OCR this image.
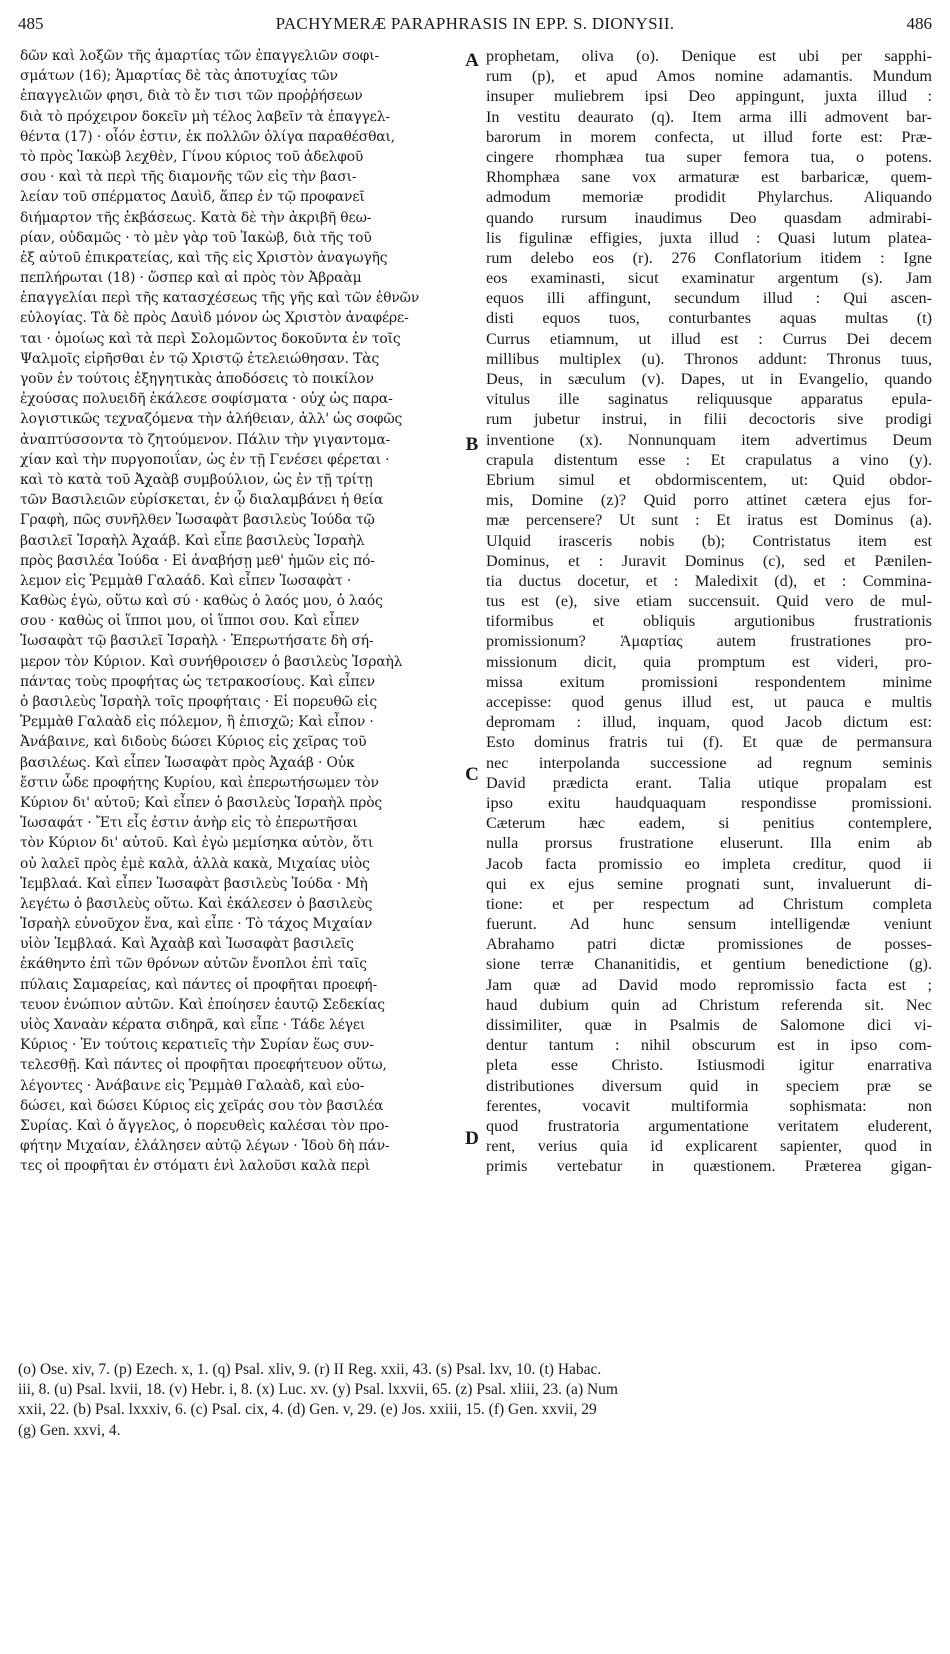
485	PACHYMERÆ PARAPHRASIS IN EPP. S. DIONYSII.	486
δῶν καὶ λοξῶν τῆς ἁμαρτίας τῶν ἐπαγγελιῶν σοφι-
σμάτων (16); Ἁμαρτίας δὲ τὰς ἀποτυχίας τῶν
ἐπαγγελιῶν φησι, διὰ τὸ ἔν τισι τῶν προῤῥήσεων
διὰ τὸ πρόχειρον δοκεῖν μὴ τέλος λαβεῖν τὰ ἐπαγγελ-
θέντα (17) · οἷόν ἐστιν, ἐκ πολλῶν ὀλίγα παραθέσθαι,
τὸ πρὸς Ἰακὼβ λεχθὲν, Γίνου κύριος τοῦ ἀδελφοῦ
σου · καὶ τὰ περὶ τῆς διαμονῆς τῶν εἰς τὴν βασι-
λείαν τοῦ σπέρματος Δαυὶδ, ἅπερ ἐν τῷ προφανεῖ
διήμαρτον τῆς ἐκβάσεως. Κατὰ δὲ τὴν ἀκριβῆ θεω-
ρίαν, οὐδαμῶς · τὸ μὲν γὰρ τοῦ Ἰακὼβ, διὰ τῆς τοῦ
ἐξ αὐτοῦ ἐπικρατείας, καὶ τῆς εἰς Χριστὸν ἀναγωγῆς
πεπλήρωται (18) · ὥσπερ καὶ αἱ πρὸς τὸν Ἀβραὰμ
ἐπαγγελίαι περὶ τῆς κατασχέσεως τῆς γῆς καὶ τῶν ἐθνῶν
εὐλογίας. Τὰ δὲ πρὸς Δαυὶδ μόνον ὡς Χριστὸν ἀναφέρε-
ται · ὁμοίως καὶ τὰ περὶ Σολομῶντος δοκοῦντα ἐν τοῖς
Ψαλμοῖς εἰρῆσθαι ἐν τῷ Χριστῷ ἐτελειώθησαν. Τὰς
γοῦν ἐν τούτοις ἐξηγητικὰς ἀποδόσεις τὸ ποικίλον
ἐχούσας πολυειδῆ ἐκάλεσε σοφίσματα · οὐχ ὡς παρα-
λογιστικῶς τεχναζόμενα τὴν ἀλήθειαν, ἀλλ' ὡς σοφῶς
ἀναπτύσσοντα τὸ ζητούμενον. Πάλιν τὴν γιγαντομα-
χίαν καὶ τὴν πυργοποιΐαν, ὡς ἐν τῇ Γενέσει φέρεται ·
καὶ τὸ κατὰ τοῦ Ἀχαὰβ συμβούλιον, ὡς ἐν τῇ τρίτῃ
τῶν Βασιλειῶν εὑρίσκεται, ἐν ᾧ διαλαμβάνει ἡ θεία
Γραφὴ, πῶς συνῆλθεν Ἰωσαφὰτ βασιλεὺς Ἰούδα τῷ
βασιλεῖ Ἰσραὴλ Ἀχαάβ. Καὶ εἶπε βασιλεὺς Ἰσραὴλ
πρὸς βασιλέα Ἰούδα · Εἰ ἀναβήσῃ μεθ' ἡμῶν εἰς πό-
λεμον εἰς Ῥεμμὰθ Γαλαάδ. Καὶ εἶπεν Ἰωσαφὰτ ·
Καθὼς ἐγὼ, οὕτω καὶ σύ · καθὼς ὁ λαός μου, ὁ λαός
σου · καθὼς οἱ ἵπποι μου, οἱ ἵπποι σου. Καὶ εἶπεν
Ἰωσαφὰτ τῷ βασιλεῖ Ἰσραὴλ · Ἐπερωτήσατε δὴ σή-
μερον τὸν Κύριον. Καὶ συνήθροισεν ὁ βασιλεὺς Ἰσραὴλ
πάντας τοὺς προφήτας ὡς τετρακοσίους. Καὶ εἶπεν
ὁ βασιλεὺς Ἰσραὴλ τοῖς προφήταις · Εἰ πορευθῶ εἰς
Ῥεμμὰθ Γαλαὰδ εἰς πόλεμον, ἢ ἐπισχῶ; Καὶ εἶπον ·
Ἀνάβαινε, καὶ διδοὺς δώσει Κύριος εἰς χεῖρας τοῦ
βασιλέως. Καὶ εἶπεν Ἰωσαφὰτ πρὸς Ἀχαάβ · Οὐκ
ἔστιν ὧδε προφήτης Κυρίου, καὶ ἐπερωτήσωμεν τὸν
Κύριον δι' αὐτοῦ; Καὶ εἶπεν ὁ βασιλεὺς Ἰσραὴλ πρὸς
Ἰωσαφάτ · Ἔτι εἷς ἐστιν ἀνὴρ εἰς τὸ ἐπερωτῆσαι
τὸν Κύριον δι' αὐτοῦ. Καὶ ἐγὼ μεμίσηκα αὐτὸν, ὅτι
οὐ λαλεῖ πρὸς ἐμὲ καλὰ, ἀλλὰ κακὰ, Μιχαίας υἱὸς
Ἰεμβλαά. Καὶ εἶπεν Ἰωσαφὰτ βασιλεὺς Ἰούδα · Μὴ
λεγέτω ὁ βασιλεὺς οὕτω. Καὶ ἐκάλεσεν ὁ βασιλεὺς
Ἰσραὴλ εὐνοῦχον ἕνα, καὶ εἶπε · Τὸ τάχος Μιχαίαν
υἱὸν Ἰεμβλαά. Καὶ Ἀχαὰβ καὶ Ἰωσαφὰτ βασιλεῖς
ἐκάθηντο ἐπὶ τῶν θρόνων αὐτῶν ἔνοπλοι ἐπὶ ταῖς
πύλαις Σαμαρείας, καὶ πάντες οἱ προφῆται προεφή-
τευον ἐνώπιον αὐτῶν. Καὶ ἐποίησεν ἑαυτῷ Σεδεκίας
υἱὸς Χαναὰν κέρατα σιδηρᾶ, καὶ εἶπε · Τάδε λέγει
Κύριος · Ἐν τούτοις κερατιεῖς τὴν Συρίαν ἕως συν-
τελεσθῇ. Καὶ πάντες οἱ προφῆται προεφήτευον οὕτω,
λέγοντες · Ἀνάβαινε εἰς Ῥεμμὰθ Γαλαὰδ, καὶ εὐο-
δώσει, καὶ δώσει Κύριος εἰς χεῖράς σου τὸν βασιλέα
Συρίας. Καὶ ὁ ἄγγελος, ὁ πορευθεὶς καλέσαι τὸν προ-
φήτην Μιχαίαν, ἐλάλησεν αὐτῷ λέγων · Ἰδοὺ δὴ πάν-
τες οἱ προφῆται ἐν στόματι ἑνὶ λαλοῦσι καλὰ περὶ
A
B
C
D
prophetam, oliva (o). Denique est ubi per sapphi-
rum (p), et apud Amos nomine adamantis. Mundum
insuper muliebrem ipsi Deo appingunt, juxta illud :
In vestitu deaurato (q). Item arma illi admovent bar-
barorum in morem confecta, ut illud forte est: Præ-
cingere rhomphæa tua super femora tua, o potens.
Rhomphæa sane vox armaturæ est barbaricæ, quem-
admodum memoriæ prodidit Phylarchus. Aliquando
quando rursum inaudimus Deo quasdam admirabi-
lis figulinæ effigies, juxta illud : Quasi lutum platea-
rum delebo eos (r). 276 Conflatorium itidem : Igne
eos examinasti, sicut examinatur argentum (s). Jam
equos illi affingunt, secundum illud : Qui ascen-
disti equos tuos, conturbantes aquas multas (t)
Currus etiamnum, ut illud est : Currus Dei decem
millibus multiplex (u). Thronos addunt: Thronus tuus,
Deus, in sæculum (v). Dapes, ut in Evangelio, quando
vitulus ille saginatus reliquusque apparatus epula-
rum jubetur instrui, in filii decoctoris sive prodigi
inventione (x). Nonnunquam item advertimus Deum
crapula distentum esse : Et crapulatus a vino (y).
Ebrium simul et obdormiscentem, ut: Quid obdor-
mis, Domine (z)? Quid porro attinet cætera ejus for-
mæ percensere? Ut sunt : Et iratus est Dominus (a).
Ulquid irasceris nobis (b); Contristatus item est
Dominus, et : Juravit Dominus (c), sed et Pænilen-
tia ductus docetur, et : Maledixit (d), et : Commina-
tus est (e), sive etiam succensuit. Quid vero de mul-
tiformibus et obliquis argutionibus frustrationis
promissionum? Ἁμαρτίας autem frustrationes pro-
missionum dicit, quia promptum est videri, pro-
missa exitum promissioni respondentem minime
accepisse: quod genus illud est, ut pauca e multis
depromam : illud, inquam, quod Jacob dictum est:
Esto dominus fratris tui (f). Et quæ de permansura
nec interpolanda successione ad regnum seminis
David prædicta erant. Talia utique propalam est
ipso exitu haudquaquam respondisse promissioni.
Cæterum hæc eadem, si penitius contemplere,
nulla prorsus frustratione eluserunt. Illa enim ab
Jacob facta promissio eo impleta creditur, quod ii
qui ex ejus semine prognati sunt, invaluerunt di-
tione: et per respectum ad Christum completa
fuerunt. Ad hunc sensum intelligendæ veniunt
Abrahamo patri dictæ promissiones de posses-
sione terræ Chananitidis, et gentium benedictione (g).
Jam quæ ad David modo repromissio facta est ;
haud dubium quin ad Christum referenda sit. Nec
dissimiliter, quæ in Psalmis de Salomone dici vi-
dentur tantum : nihil obscurum est in ipso com-
pleta esse Christo. Istiusmodi igitur enarrativa
distributiones diversum quid in speciem præ se
ferentes, vocavit multiformia sophismata: non
quod frustratoria argumentatione veritatem eluderent,
rent, verius quia id explicarent sapienter, quod in
primis vertebatur in quæstionem. Præterea gigan-
(o) Ose. xiv, 7. (p) Ezech. x, 1. (q) Psal. xliv, 9. (r) II Reg. xxii, 43. (s) Psal. lxv, 10. (t) Habac.
iii, 8. (u) Psal. lxvii, 18. (v) Hebr. i, 8. (x) Luc. xv. (y) Psal. lxxvii, 65. (z) Psal. xliii, 23. (a) Num
xxii, 22. (b) Psal. lxxxiv, 6. (c) Psal. cix, 4. (d) Gen. v, 29. (e) Jos. xxiii, 15. (f) Gen. xxvii, 29
(g) Gen. xxvi, 4.
